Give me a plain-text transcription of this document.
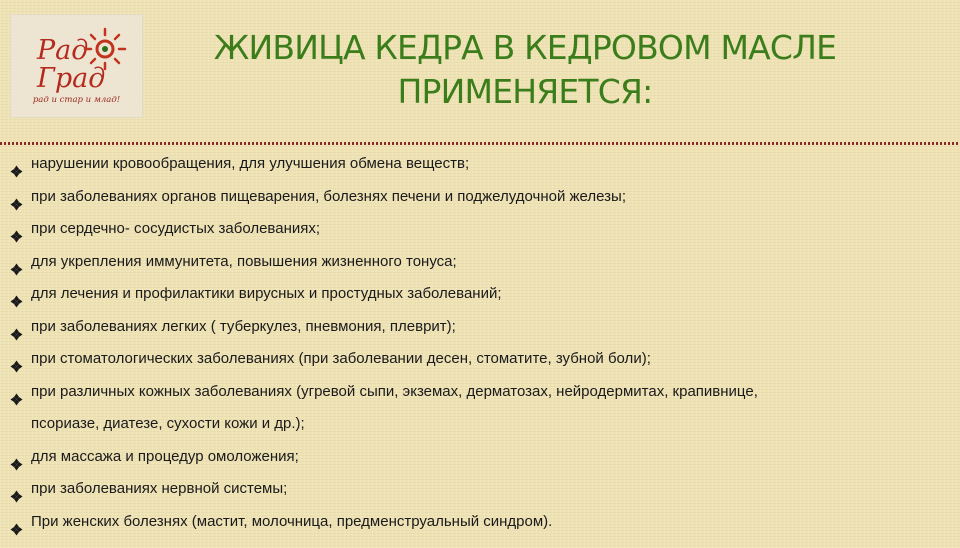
Рад
Град
рад и стар и млад!
ЖИВИЦА КЕДРА В КЕДРОВОМ МАСЛЕ
ПРИМЕНЯЕТСЯ:
нарушении кровообращения, для улучшения обмена веществ;
при заболеваниях органов пищеварения, болезнях печени и поджелудочной железы;
при сердечно- сосудистых заболеваниях;
для укрепления иммунитета, повышения жизненного тонуса;
для лечения и профилактики вирусных и простудных заболеваний;
при заболеваниях легких ( туберкулез, пневмония, плеврит);
при стоматологических заболеваниях (при заболевании десен, стоматите, зубной боли);
при различных кожных заболеваниях (угревой сыпи, экземах, дерматозах, нейродермитах, крапивнице,
псориазе, диатезе, сухости кожи и др.);
для массажа и процедур омоложения;
при заболеваниях нервной системы;
При женских болезнях (мастит, молочница, предменструальный синдром).
